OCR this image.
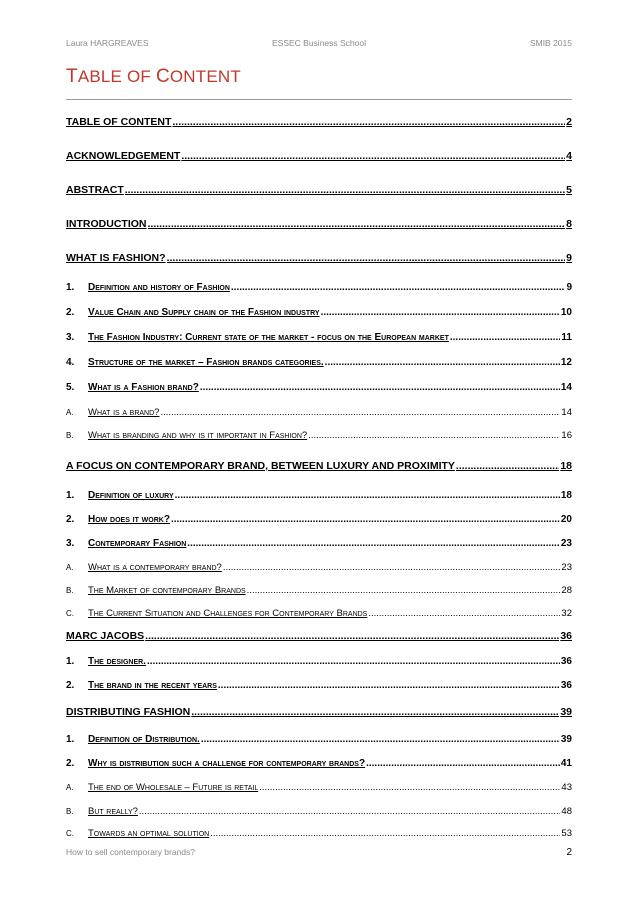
Laura HARGREAVES	ESSEC Business School	SMIB 2015
TABLE OF CONTENT
TABLE OF CONTENT .....	2
ACKNOWLEDGEMENT .....	4
ABSTRACT .....	5
INTRODUCTION .....	8
WHAT IS FASHION? .....	9
1.	Definition and history of Fashion .....	9
2.	Value Chain and Supply chain of the Fashion industry .....	10
3.	The Fashion Industry: Current state of the market - focus on the European market .....	11
4.	Structure of the market – Fashion brands categories. .....	12
5.	What is a Fashion brand? .....	14
A.	What is a brand? .....	14
B.	What is branding and why is it important in Fashion? .....	16
A FOCUS ON CONTEMPORARY BRAND, BETWEEN LUXURY AND PROXIMITY .....	18
1.	Definition of luxury .....	18
2.	How does it work? .....	20
3.	Contemporary Fashion .....	23
A.	What is a contemporary brand? .....	23
B.	The Market of contemporary Brands .....	28
C.	The Current Situation and Challenges for Contemporary Brands .....	32
MARC JACOBS .....	36
1.	The designer. .....	36
2.	The brand in the recent years .....	36
DISTRIBUTING FASHION .....	39
1.	Definition of Distribution. .....	39
2.	Why is distribution such a challenge for contemporary brands? .....	41
A.	The end of Wholesale – Future is retail .....	43
B.	But really? .....	48
C.	Towards an optimal solution .....	53
How to sell contemporary brands?	2
